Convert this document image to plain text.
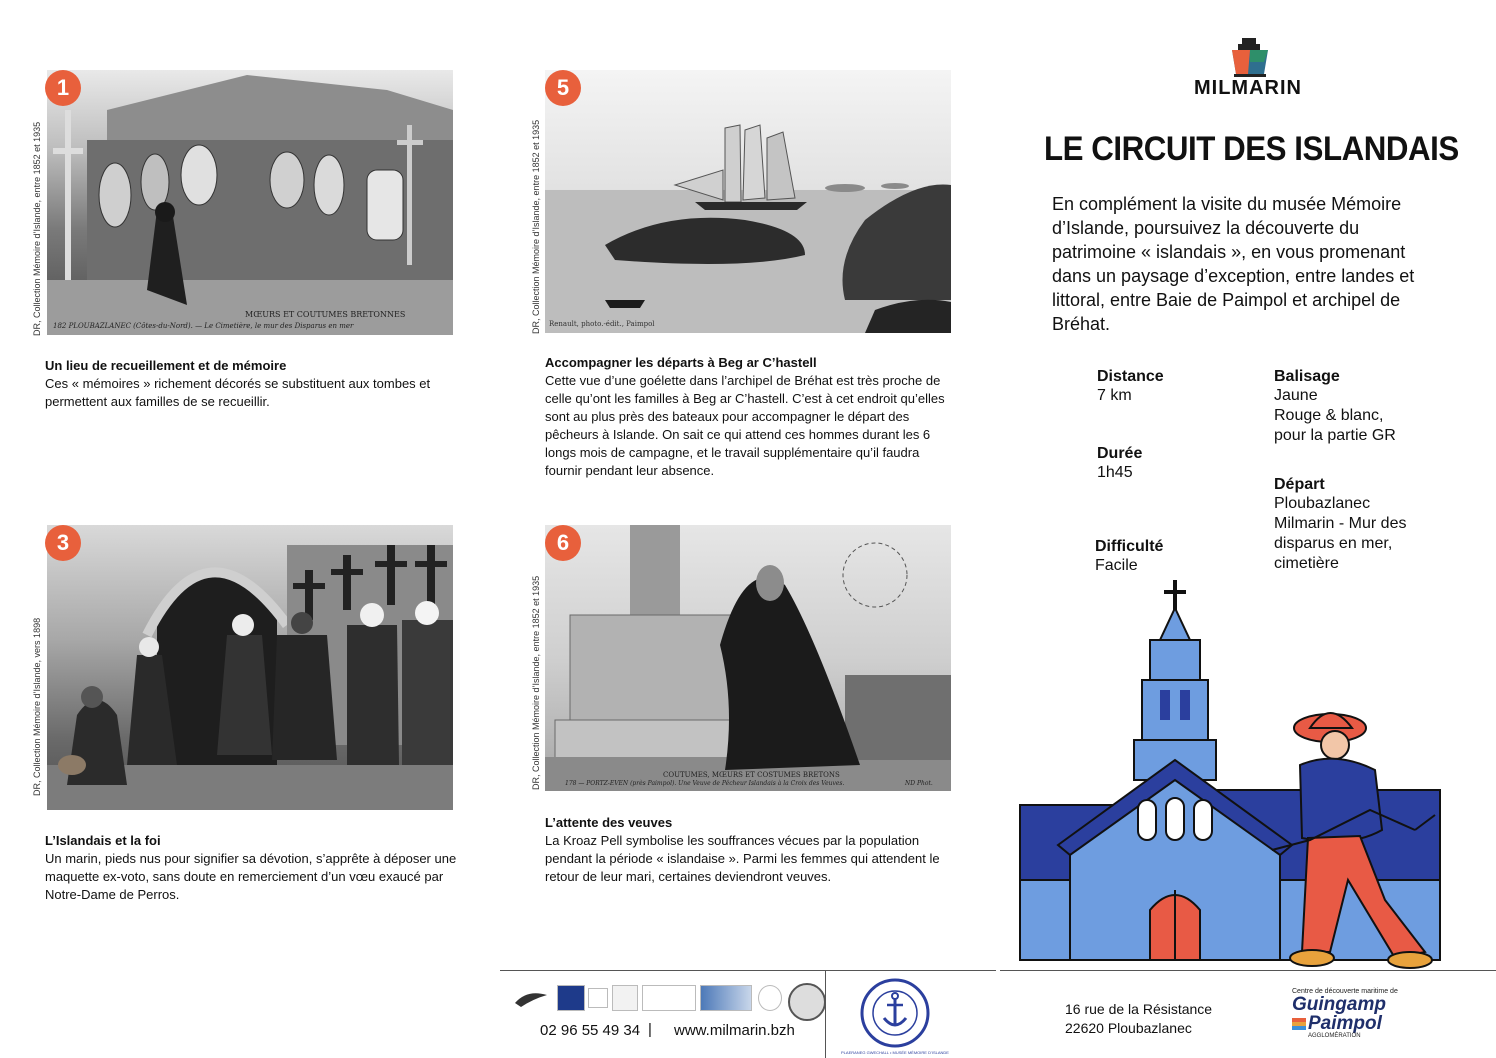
DR, Collection Mémoire d’Islande, entre 1852 et 1935	MŒURS ET COUTUMES BRETONNES
182 PLOUBAZLANEC (Côtes-du-Nord). — Le Cimetière, le mur des Disparus en mer
1
Un lieu de recueillement et de mémoire
Ces « mémoires » richement décorés se substituent aux tombes et
permettent aux familles de se recueillir.
DR, Collection Mémoire d’Islande, entre 1852 et 1935 Renault, photo.-édit., Paimpol
5
Accompagner les départs à Beg ar C’hastell
Cette vue d’une goélette dans l’archipel de Bréhat est très proche de
celle qu’ont les familles à Beg ar C’hastell. C’est à cet endroit qu’elles
sont au plus près des bateaux pour accompagner le départ des
pêcheurs à Islande. On sait ce qui attend ces hommes durant les 6
longs mois de campagne, et le travail supplémentaire qu’il faudra
fournir pendant leur absence.
DR, Collection Mémoire d’Islande, vers 1898
3
L’Islandais et la foi
Un marin, pieds nus pour signifier sa dévotion, s’apprête à déposer une
maquette ex-voto, sans doute en remerciement d’un vœu exaucé par
Notre-Dame de Perros.
DR, Collection Mémoire d’Islande, entre 1852 et 1935	COUTUMES, MŒURS ET COSTUMES BRETONS
178 — PORTZ-EVEN (près Paimpol). Une Veuve de Pêcheur Islandais à la Croix des Veuves.	ND Phot.
6
L’attente des veuves
La Kroaz Pell symbolise les souffrances vécues par la population
pendant la période « islandaise ». Parmi les femmes qui attendent le
retour de leur mari, certaines deviendront veuves.
MILMARIN
LE CIRCUIT DES ISLANDAIS
En complément la visite du musée Mémoire d’Islande, poursuivez la découverte du patrimoine « islandais », en vous promenant dans un paysage d’exception, entre landes et littoral, entre Baie de Paimpol et archipel de Bréhat.
Distance
7 km
Durée
1h45
Difficulté
Facile
Balisage
Jaune
Rouge & blanc,
pour la partie GR
Départ
Ploubazlanec
Milmarin - Mur des
disparus en mer,
cimetière
02 96 55 49 34 | www.milmarin.bzh
PLAERANEG GWECHALL • MUSÉE MÉMOIRE D’ISLANDE
16 rue de la Résistance
22620 Ploubazlanec
Centre de découverte maritime de
Guingamp
Paimpol
AGGLOMÉRATION
